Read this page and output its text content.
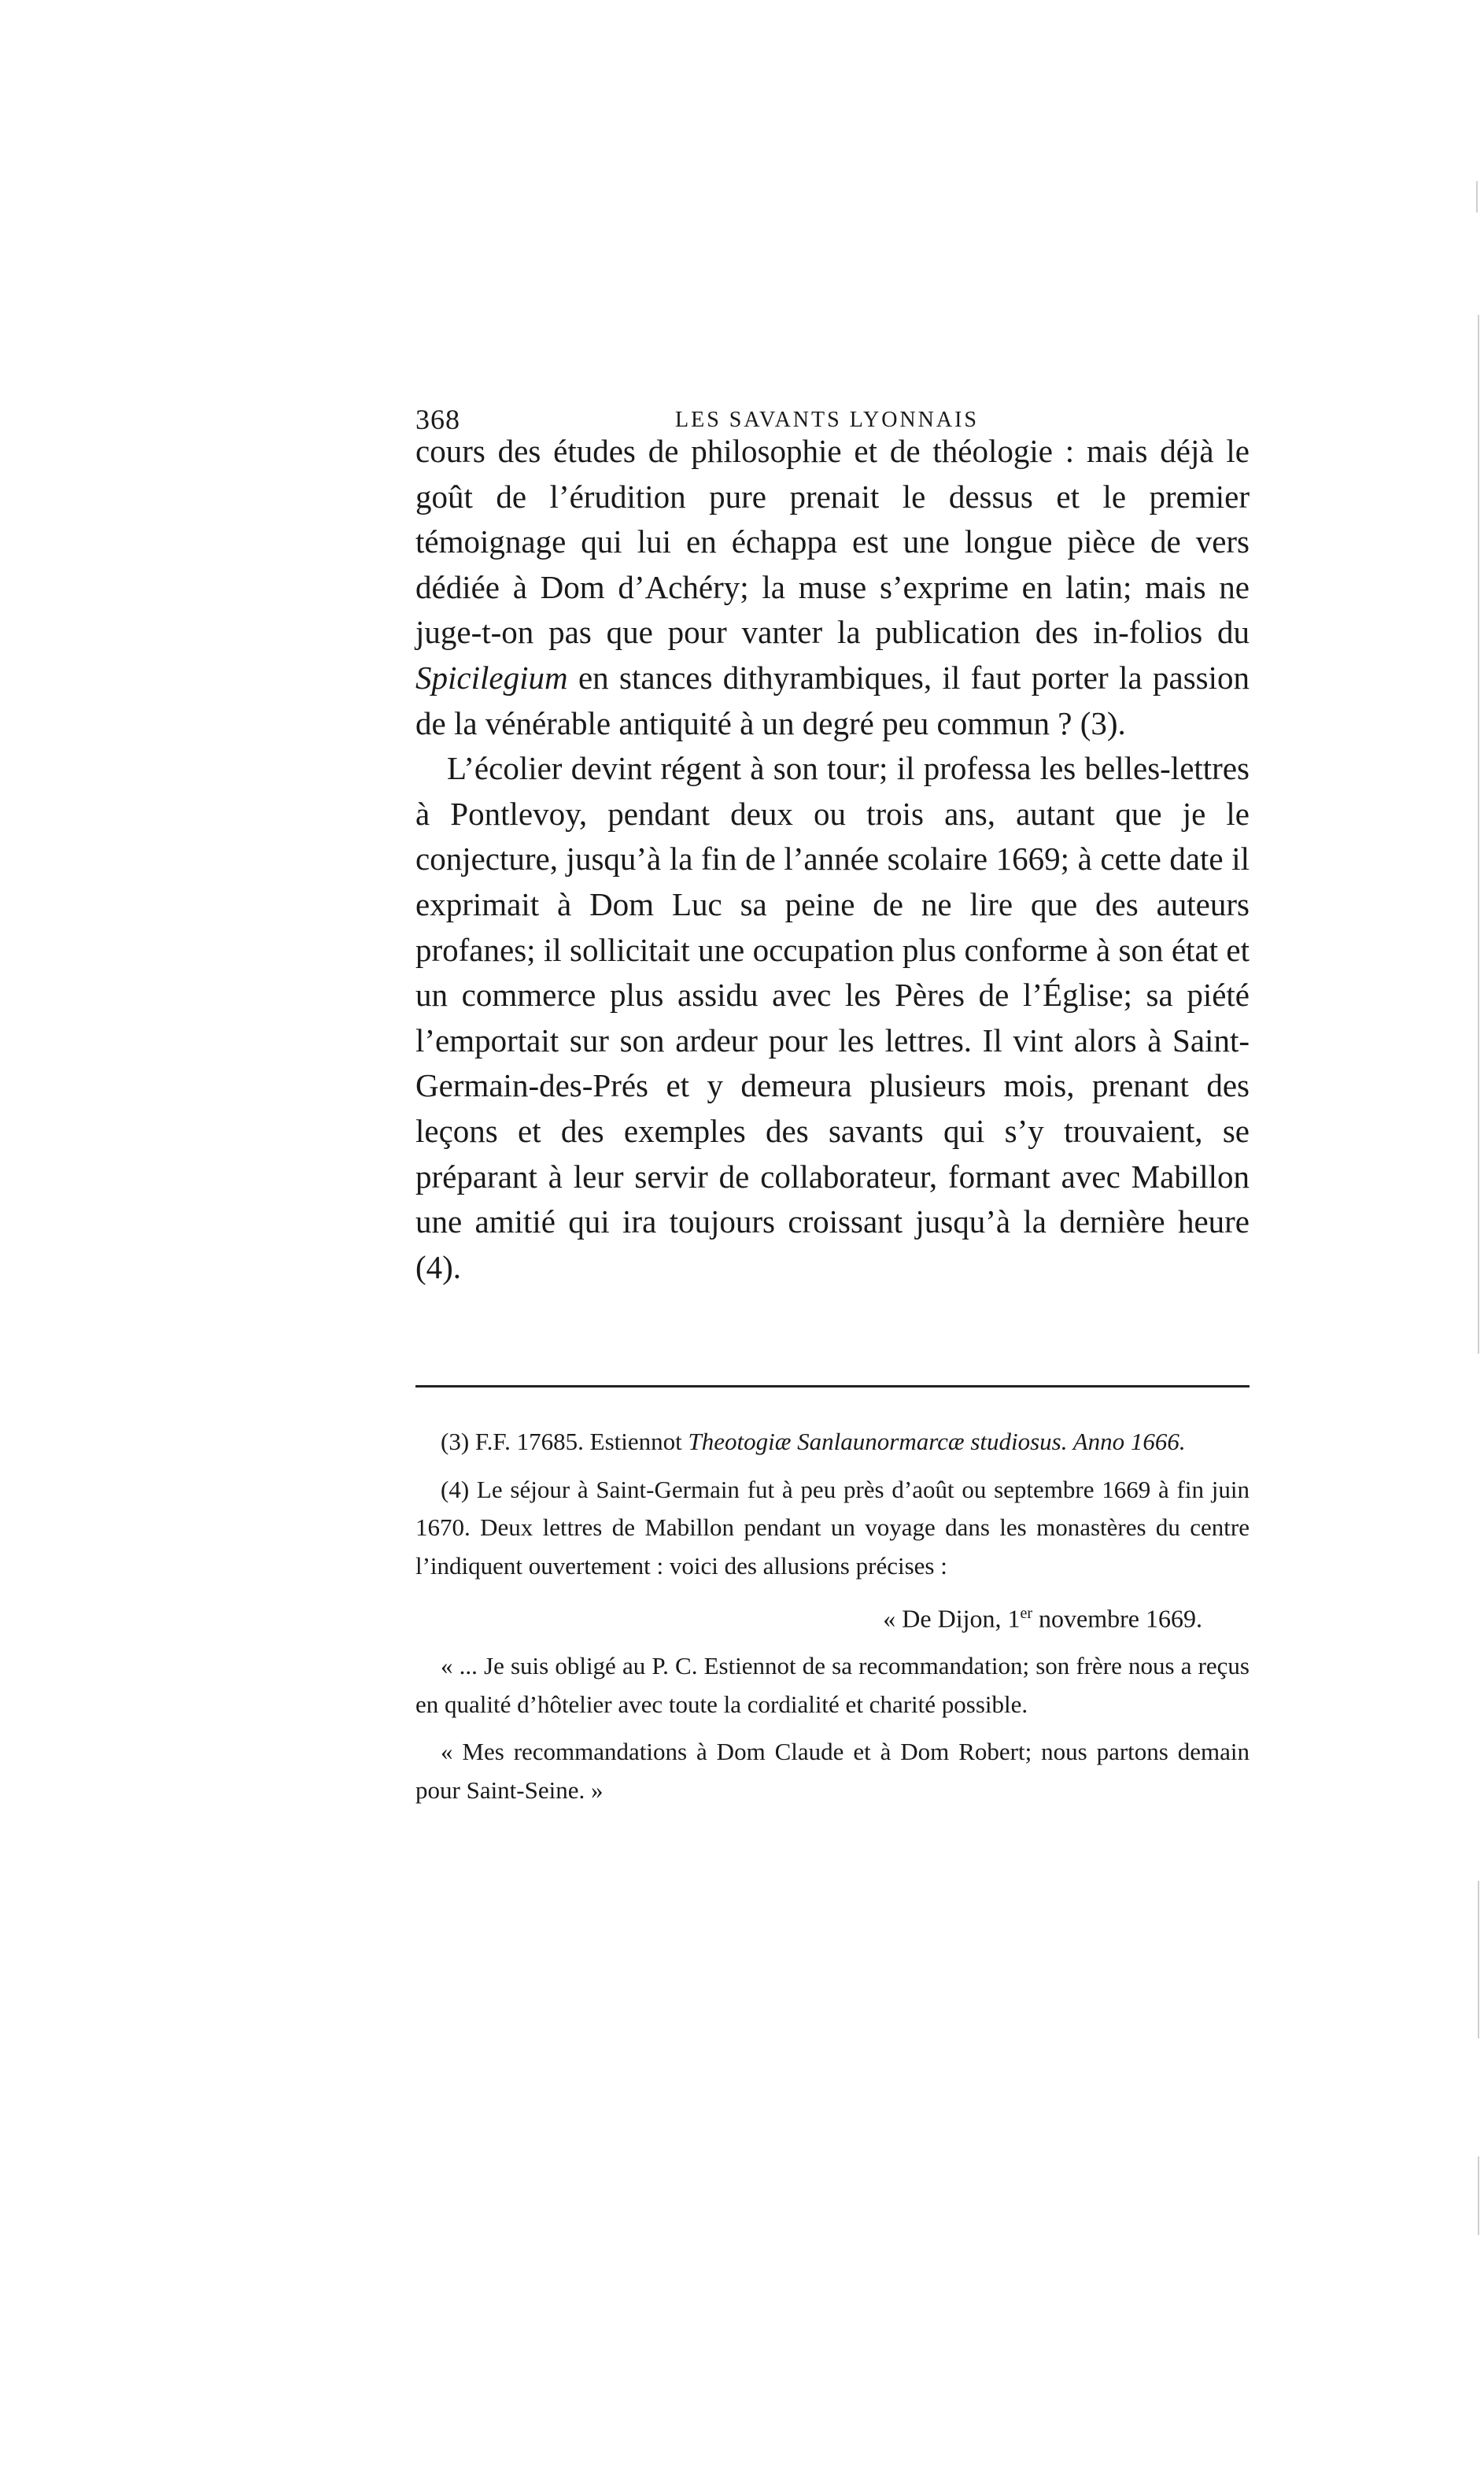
368	LES SAVANTS LYONNAIS

cours des études de philosophie et de théologie : mais déjà le goût de l’érudition pure prenait le dessus et le premier témoignage qui lui en échappa est une longue pièce de vers dédiée à Dom d’Achéry; la muse s’exprime en latin; mais ne juge-t-on pas que pour vanter la publication des in-folios du Spicilegium en stances dithyrambiques, il faut porter la passion de la vénérable antiquité à un degré peu commun ? (3).

L’écolier devint régent à son tour; il professa les belles-lettres à Pontlevoy, pendant deux ou trois ans, autant que je le conjecture, jusqu’à la fin de l’année scolaire 1669; à cette date il exprimait à Dom Luc sa peine de ne lire que des auteurs profanes; il sollicitait une occupation plus conforme à son état et un commerce plus assidu avec les Pères de l’Église; sa piété l’emportait sur son ardeur pour les lettres. Il vint alors à Saint-Germain-des-Prés et y demeura plusieurs mois, prenant des leçons et des exemples des savants qui s’y trouvaient, se préparant à leur servir de collaborateur, formant avec Mabillon une amitié qui ira toujours croissant jusqu’à la dernière heure (4).

(3) F.F. 17685. Estiennot Theotogiæ Sanlaunormarcæ studiosus. Anno 1666.

(4) Le séjour à Saint-Germain fut à peu près d’août ou septembre 1669 à fin juin 1670. Deux lettres de Mabillon pendant un voyage dans les monastères du centre l’indiquent ouvertement : voici des allusions précises :

« De Dijon, 1er novembre 1669.

« ... Je suis obligé au P. C. Estiennot de sa recommandation; son frère nous a reçus en qualité d’hôtelier avec toute la cordialité et charité possible.

« Mes recommandations à Dom Claude et à Dom Robert; nous partons demain pour Saint-Seine. »
